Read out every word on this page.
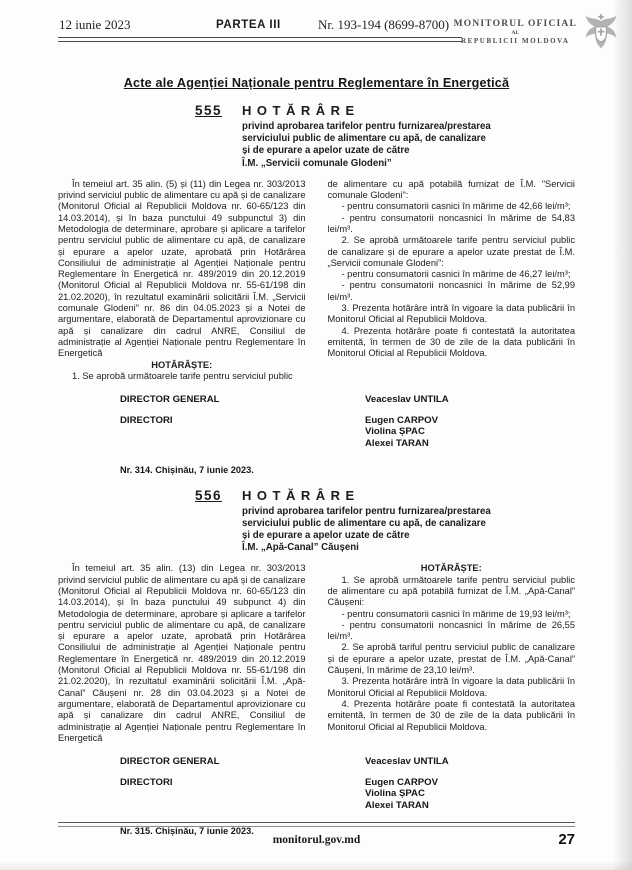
12 iunie 2023	PARTEA III	Nr. 193-194 (8699-8700) MONITORUL OFICIAL
AL
REPUBLICII MOLDOVA
Acte ale Agenției Naționale pentru Reglementare în Energetică
555 HOTĂRÂRE
privind aprobarea tarifelor pentru furnizarea/prestarea
serviciului public de alimentare cu apă, de canalizare
și de epurare a apelor uzate de către
Î.M. „Servicii comunale Glodeni”

În temeiul art. 35 alin. (5) și (11) din Legea nr. 303/2013 privind serviciul public de alimentare cu apă și de canalizare (Monitorul Oficial al Republicii Moldova nr. 60-65/123 din 14.03.2014), și în baza punctului 49 subpunctul 3) din Metodologia de determinare, aprobare și aplicare a tarifelor pentru serviciul public de alimentare cu apă, de canalizare și epurare a apelor uzate, aprobată prin Hotărârea Consiliului de administrație al Agenției Naționale pentru Reglementare în Energetică nr. 489/2019 din 20.12.2019 (Monitorul Oficial al Republicii Moldova nr. 55-61/198 din 21.02.2020), în rezultatul examinării solicitării Î.M. „Servicii comunale Glodeni” nr. 86 din 04.05.2023 și a Notei de argumentare, elaborată de Departamentul aprovizionare cu apă și canalizare din cadrul ANRE, Consiliul de administrație al Agenției Naționale pentru Reglementare în Energetică

HOTĂRĂȘTE:

1. Se aprobă următoarele tarife pentru serviciul public

de alimentare cu apă potabilă furnizat de Î.M. "Servicii comunale Glodeni":

- pentru consumatorii casnici în mărime de 42,66 lei/m³;

- pentru consumatorii noncasnici în mărime de 54,83 lei/m³.

2. Se aprobă următoarele tarife pentru serviciul public de canalizare și de epurare a apelor uzate prestat de Î.M. „Servicii comunale Glodeni”:

- pentru consumatorii casnici în mărime de 46,27 lei/m³;

- pentru consumatorii noncasnici în mărime de 52,99 lei/m³.

3. Prezenta hotărâre intră în vigoare la data publicării în Monitorul Oficial al Republicii Moldova.

4. Prezenta hotărâre poate fi contestată la autoritatea emitentă, în termen de 30 de zile de la data publicării în Monitorul Oficial al Republicii Moldova.

DIRECTOR GENERAL	Veaceslav UNTILA
DIRECTORI	Eugen CARPOV
Violina ȘPAC
Alexei TARAN
Nr. 314. Chișinău, 7 iunie 2023.
556 HOTĂRÂRE
privind aprobarea tarifelor pentru furnizarea/prestarea
serviciului public de alimentare cu apă, de canalizare
și de epurare a apelor uzate de către
Î.M. „Apă-Canal” Căușeni

În temeiul art. 35 alin. (13) din Legea nr. 303/2013 privind serviciul public de alimentare cu apă și de canalizare (Monitorul Oficial al Republicii Moldova nr. 60-65/123 din 14.03.2014), și în baza punctului 49 subpunct 4) din Metodologia de determinare, aprobare și aplicare a tarifelor pentru serviciul public de alimentare cu apă, de canalizare și epurare a apelor uzate, aprobată prin Hotărârea Consiliului de administrație al Agenției Naționale pentru Reglementare în Energetică nr. 489/2019 din 20.12.2019 (Monitorul Oficial al Republicii Moldova nr. 55-61/198 din 21.02.2020), în rezultatul examinării solicitării Î.M. „Apă-Canal” Căușeni nr. 28 din 03.04.2023 și a Notei de argumentare, elaborată de Departamentul aprovizionare cu apă și canalizare din cadrul ANRE, Consiliul de administrație al Agenției Naționale pentru Reglementare în Energetică

HOTĂRĂȘTE:

1. Se aprobă următoarele tarife pentru serviciul public de alimentare cu apă potabilă furnizat de Î.M. „Apă-Canal” Căușeni:

- pentru consumatorii casnici în mărime de 19,93 lei/m³;

- pentru consumatorii noncasnici în mărime de 26,55 lei/m³.

2. Se aprobă tariful pentru serviciul public de canalizare și de epurare a apelor uzate, prestat de Î.M. „Apă-Canal” Căușeni, în mărime de 23,10 lei/m³.

3. Prezenta hotărâre intră în vigoare la data publicării în Monitorul Oficial al Republicii Moldova.

4. Prezenta hotărâre poate fi contestată la autoritatea emitentă, în termen de 30 de zile de la data publicării în Monitorul Oficial al Republicii Moldova.

DIRECTOR GENERAL	Veaceslav UNTILA
DIRECTORI	Eugen CARPOV
Violina ȘPAC
Alexei TARAN
Nr. 315. Chișinău, 7 iunie 2023.
monitorul.gov.md	27
